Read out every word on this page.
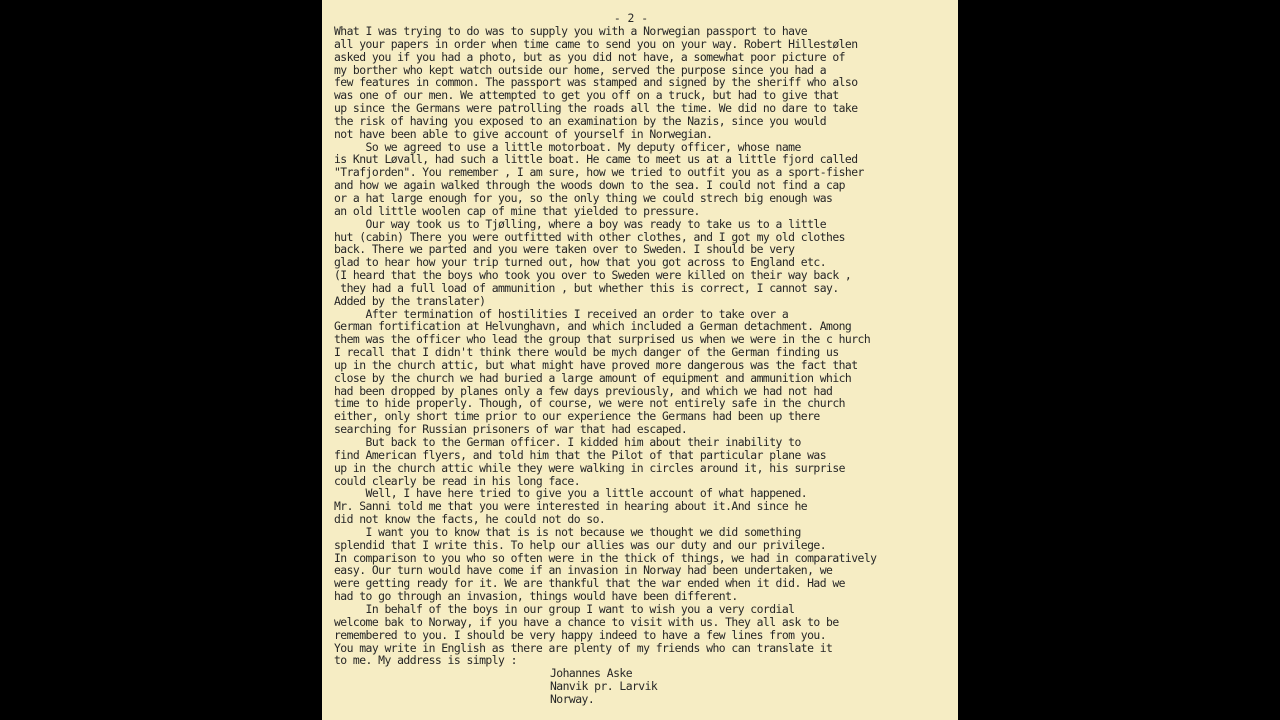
- 2 -
What I was trying to do was to supply you with a Norwegian passport to have
all your papers in order when time came to send you on your way. Robert Hillestølen
asked you if you had a photo, but as you did not have, a somewhat poor picture of
my borther who kept watch outside our home, served the purpose since you had a
few features in common. The passport was stamped and signed by the sheriff who also
was one of our men. We attempted to get you off on a truck, but had to give that
up since the Germans were patrolling the roads all the time. We did no dare to take
the risk of having you exposed to an examination by the Nazis, since you would
not have been able to give account of yourself in Norwegian.
So we agreed to use a little motorboat. My deputy officer, whose name
is Knut Løvall, had such a little boat. He came to meet us at a little fjord called
"Trafjorden". You remember , I am sure, how we tried to outfit you as a sport-fisher
and how we again walked through the woods down to the sea. I could not find a cap
or a hat large enough for you, so the only thing we could strech big enough was
an old little woolen cap of mine that yielded to pressure.
Our way took us to Tjølling, where a boy was ready to take us to a little
hut (cabin) There you were outfitted with other clothes, and I got my old clothes
back. There we parted and you were taken over to Sweden. I should be very
glad to hear how your trip turned out, how that you got across to England etc.
(I heard that the boys who took you over to Sweden were killed on their way back ,
they had a full load of ammunition , but whether this is correct, I cannot say.
Added by the translater)
After termination of hostilities I received an order to take over a
German fortification at Helvunghavn, and which included a German detachment. Among
them was the officer who lead the group that surprised us when we were in the c hurch
I recall that I didn't think there would be mych danger of the German finding us
up in the church attic, but what might have proved more dangerous was the fact that
close by the church we had buried a large amount of equipment and ammunition which
had been dropped by planes only a few days previously, and which we had not had
time to hide properly. Though, of course, we were not entirely safe in the church
either, only short time prior to our experience the Germans had been up there
searching for Russian prisoners of war that had escaped.
But back to the German officer. I kidded him about their inability to
find American flyers, and told him that the Pilot of that particular plane was
up in the church attic while they were walking in circles around it, his surprise
could clearly be read in his long face.
Well, I have here tried to give you a little account of what happened.
Mr. Sanni told me that you were interested in hearing about it.And since he
did not know the facts, he could not do so.
I want you to know that is is not because we thought we did something
splendid that I write this. To help our allies was our duty and our privilege.
In comparison to you who so often were in the thick of things, we had in comparatively
easy. Our turn would have come if an invasion in Norway had been undertaken, we
were getting ready for it. We are thankful that the war ended when it did. Had we
had to go through an invasion, things would have been different.
In behalf of the boys in our group I want to wish you a very cordial
welcome bak to Norway, if you have a chance to visit with us. They all ask to be
remembered to you. I should be very happy indeed to have a few lines from you.
You may write in English as there are plenty of my friends who can translate it
to me. My address is simply :
Johannes Aske
Nanvik pr. Larvik
Norway.
